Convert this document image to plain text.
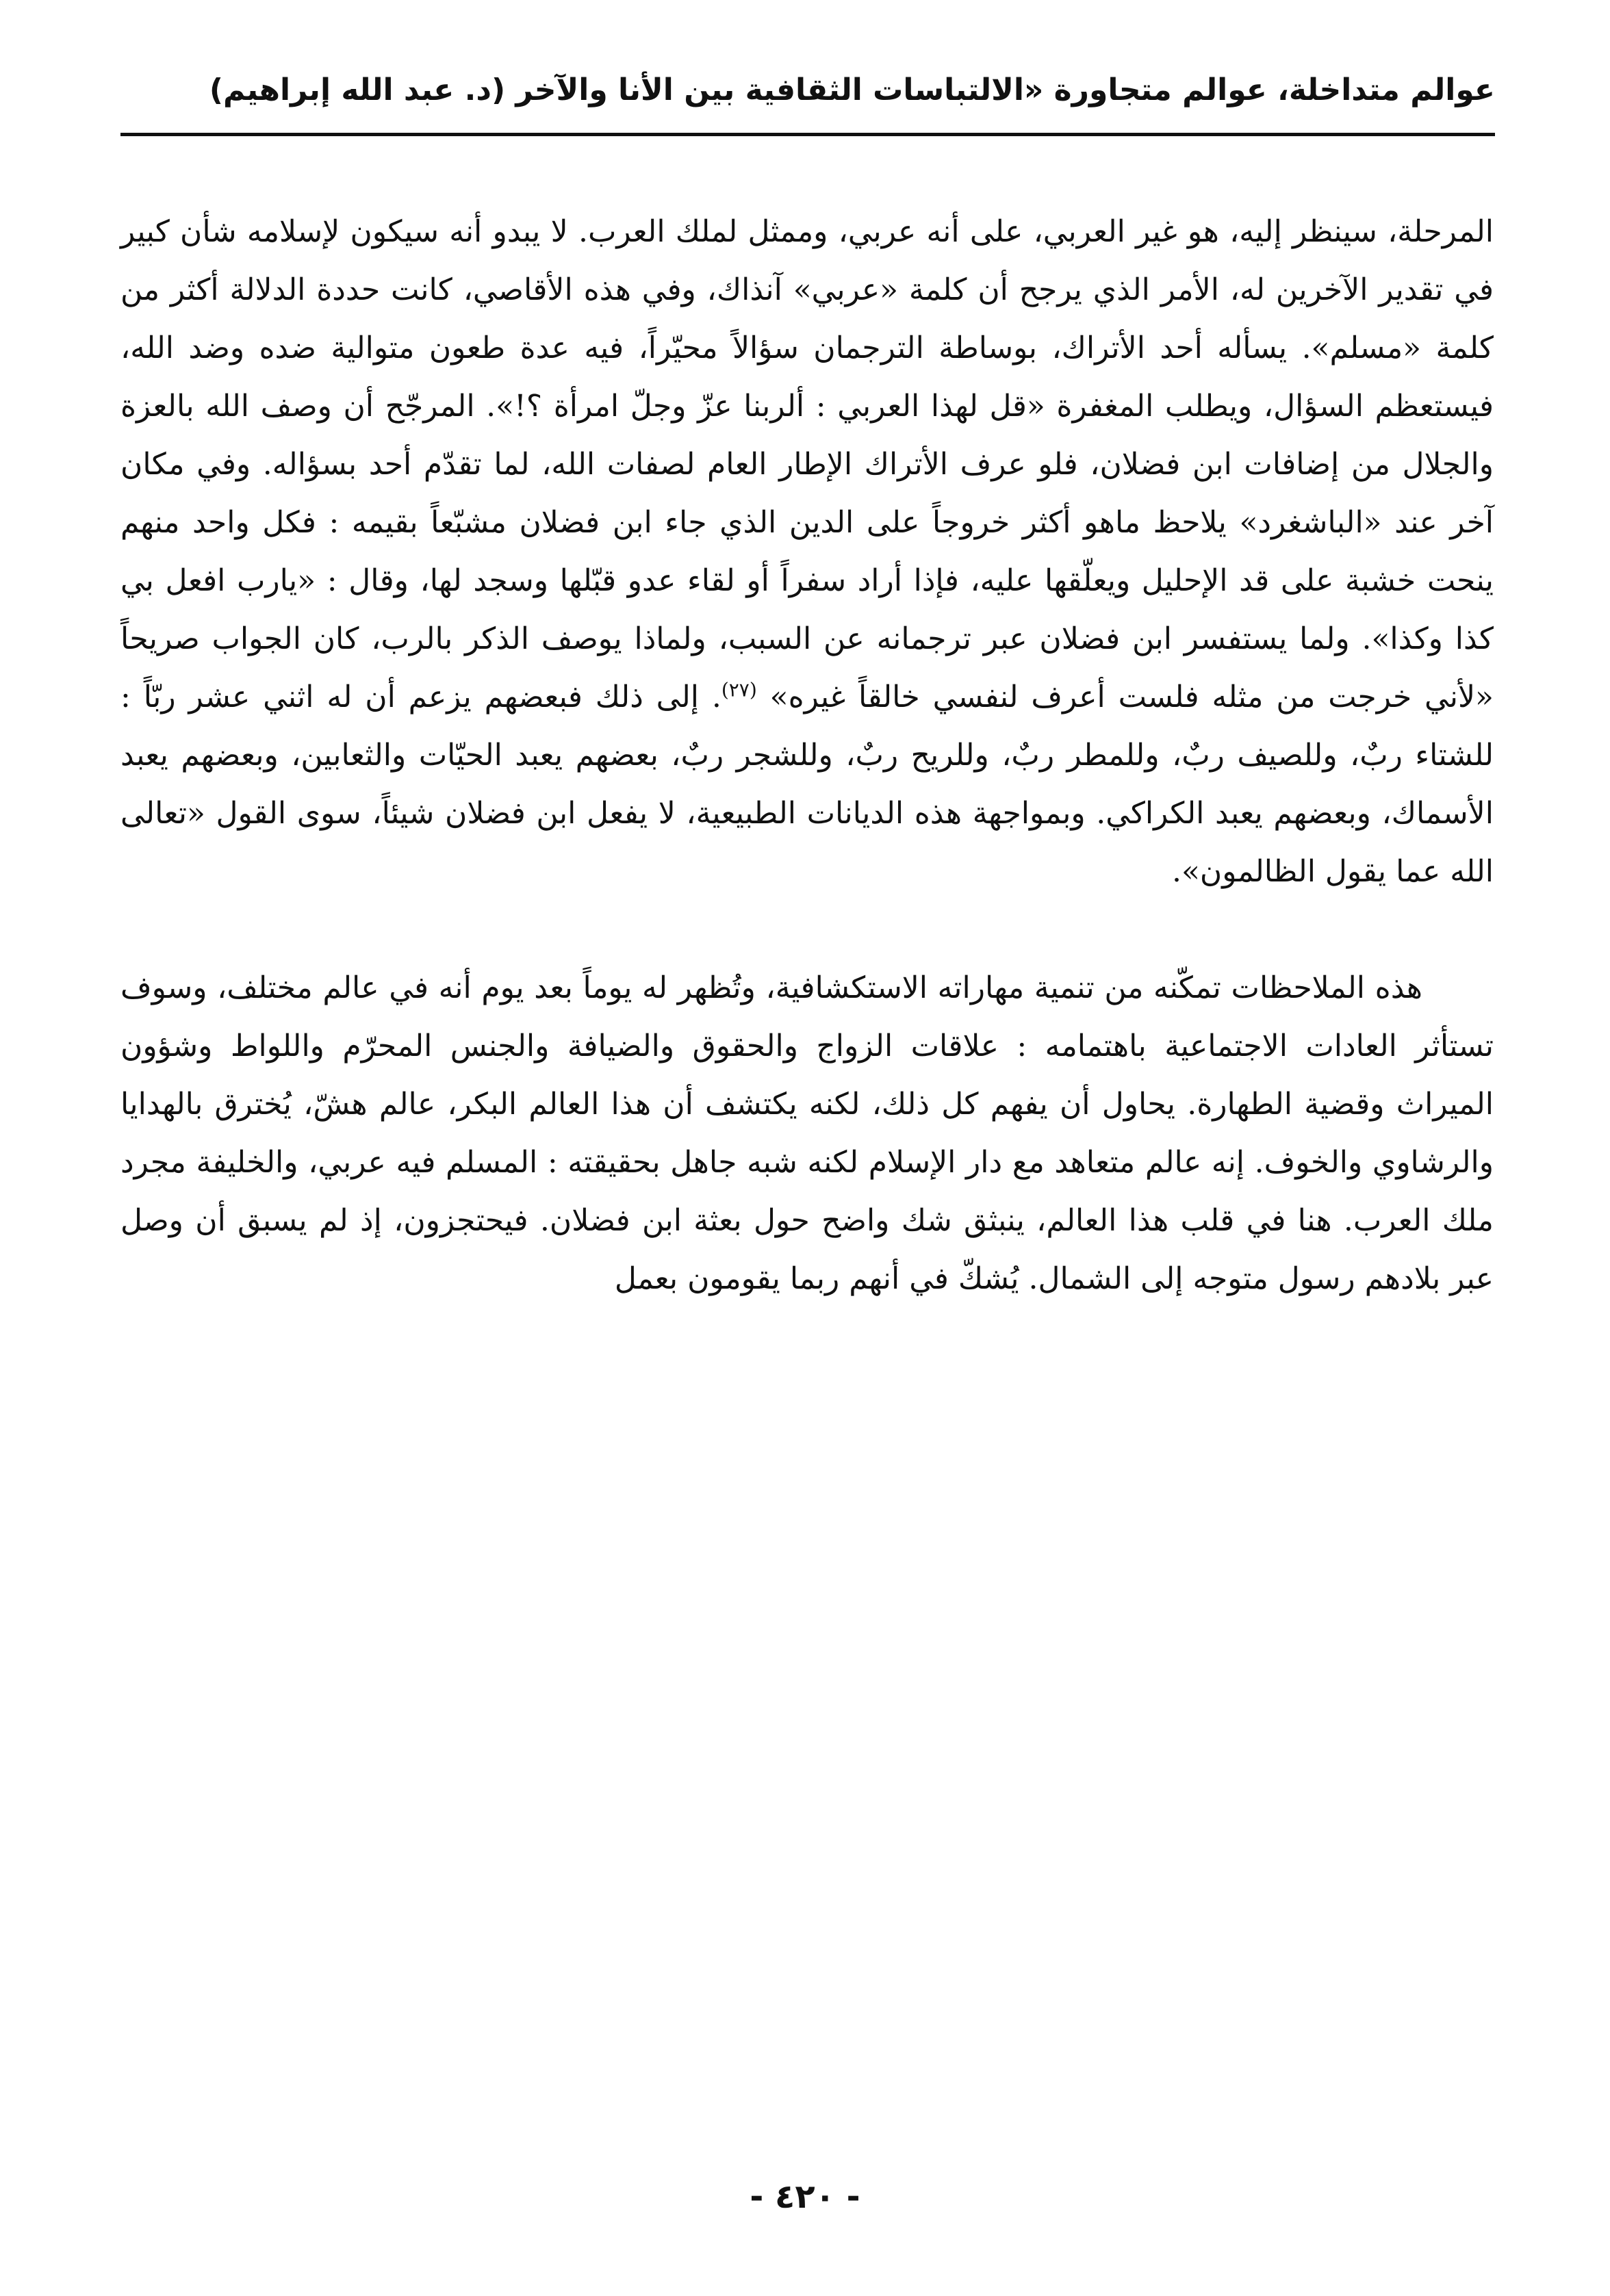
عوالم متداخلة، عوالم متجاورة «الالتباسات الثقافية بين الأنا والآخر (د. عبد الله إبراهيم)

المرحلة، سينظر إليه، هو غير العربي، على أنه عربي، وممثل لملك العرب. لا يبدو أنه سيكون لإسلامه شأن كبير في تقدير الآخرين له، الأمر الذي يرجح أن كلمة «عربي» آنذاك، وفي هذه الأقاصي، كانت حددة الدلالة أكثر من كلمة «مسلم». يسأله أحد الأتراك، بوساطة الترجمان سؤالاً محيّراً، فيه عدة طعون متوالية ضده وضد الله، فيستعظم السؤال، ويطلب المغفرة «قل لهذا العربي : ألربنا عزّ وجلّ امرأة ؟!». المرجّح أن وصف الله بالعزة والجلال من إضافات ابن فضلان، فلو عرف الأتراك الإطار العام لصفات الله، لما تقدّم أحد بسؤاله. وفي مكان آخر عند «الباشغرد» يلاحظ ماهو أكثر خروجاً على الدين الذي جاء ابن فضلان مشبّعاً بقيمه : فكل واحد منهم ينحت خشبة على قد الإحليل ويعلّقها عليه، فإذا أراد سفراً أو لقاء عدو قبّلها وسجد لها، وقال : «يارب افعل بي كذا وكذا». ولما يستفسر ابن فضلان عبر ترجمانه عن السبب، ولماذا يوصف الذكر بالرب، كان الجواب صريحاً «لأني خرجت من مثله فلست أعرف لنفسي خالقاً غيره» $^{(٢٧)}$. إلى ذلك فبعضهم يزعم أن له اثني عشر ربّاً : للشتاء ربٌ، وللصيف ربٌ، وللمطر ربٌ، وللريح ربٌ، وللشجر ربٌ، بعضهم يعبد الحيّات والثعابين، وبعضهم يعبد الأسماك، وبعضهم يعبد الكراكي. وبمواجهة هذه الديانات الطبيعية، لا يفعل ابن فضلان شيئاً، سوى القول «تعالى الله عما يقول الظالمون».

هذه الملاحظات تمكّنه من تنمية مهاراته الاستكشافية، وتُظهر له يوماً بعد يوم أنه في عالم مختلف، وسوف تستأثر العادات الاجتماعية باهتمامه : علاقات الزواج والحقوق والضيافة والجنس المحرّم واللواط وشؤون الميراث وقضية الطهارة. يحاول أن يفهم كل ذلك، لكنه يكتشف أن هذا العالم البكر، عالم هشّ، يُخترق بالهدايا والرشاوي والخوف. إنه عالم متعاهد مع دار الإسلام لكنه شبه جاهل بحقيقته : المسلم فيه عربي، والخليفة مجرد ملك العرب. هنا في قلب هذا العالم، ينبثق شك واضح حول بعثة ابن فضلان. فيحتجزون، إذ لم يسبق أن وصل عبر بلادهم رسول متوجه إلى الشمال. يُشكّ في أنهم ربما يقومون بعمل

- ٤٢٠ -
